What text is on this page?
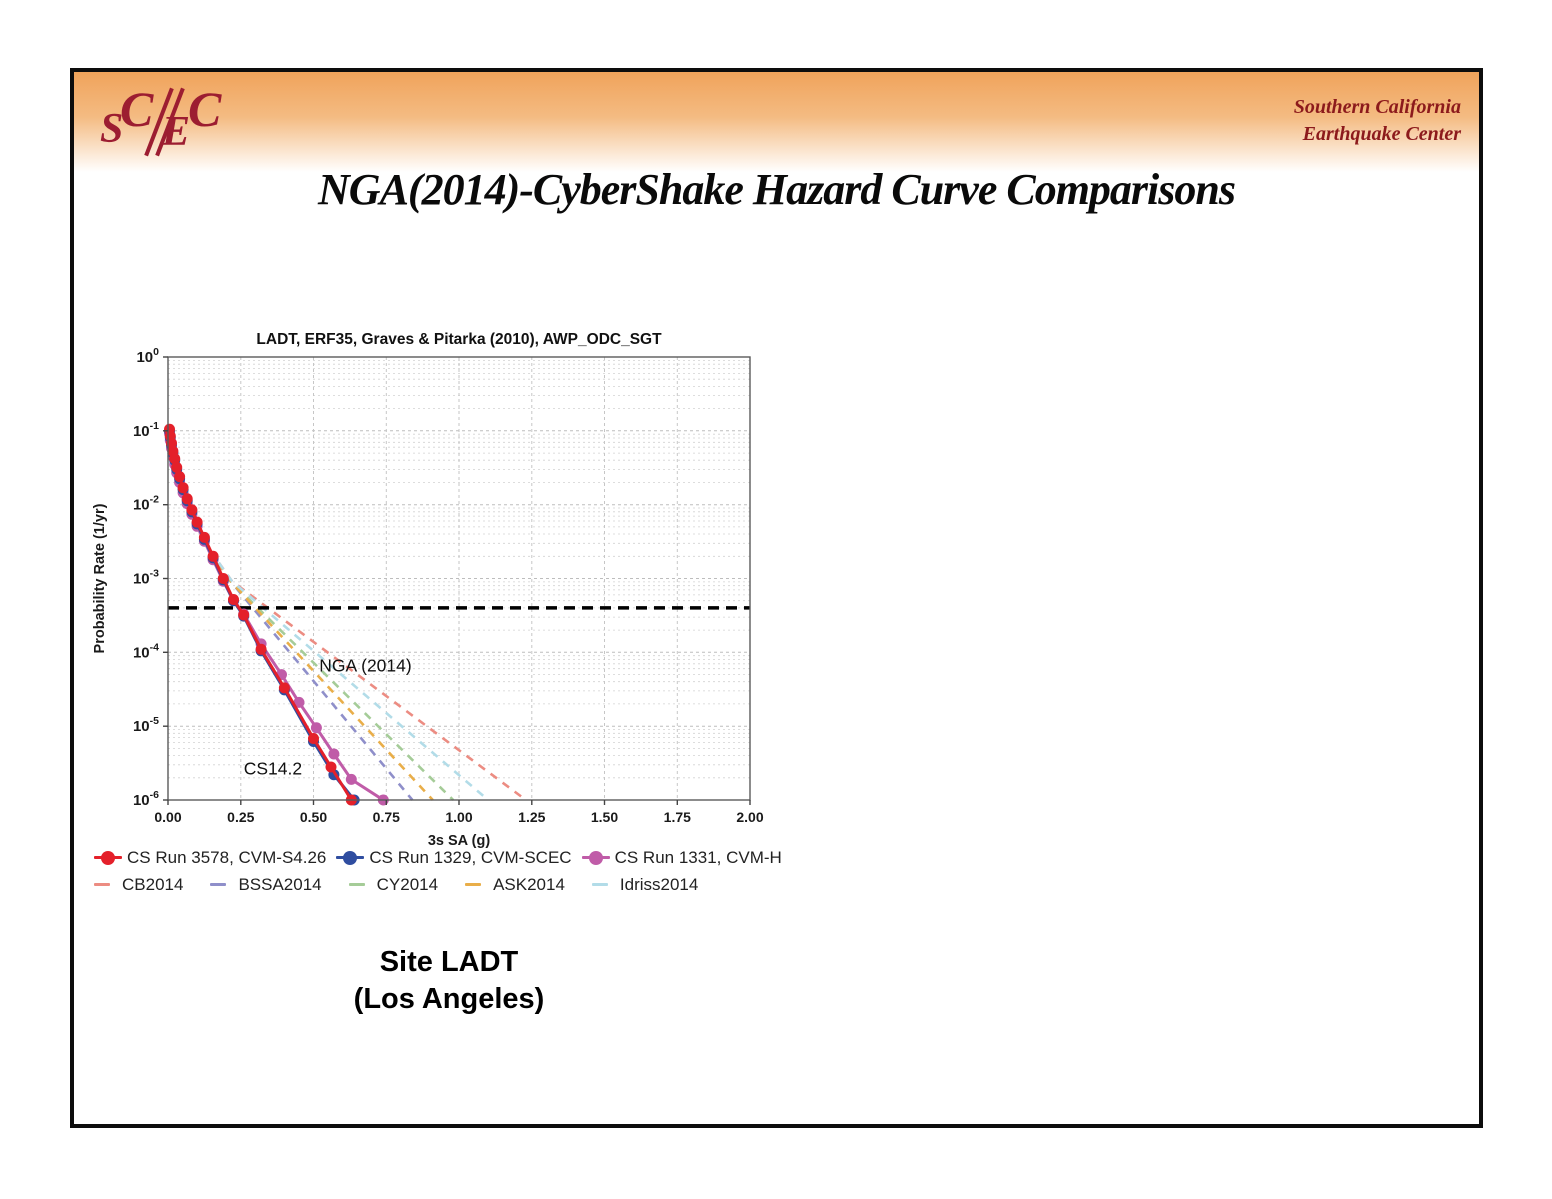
S
C E
C	Southern California
Earthquake Center
NGA(2014)-CyberShake Hazard Curve Comparisons
NGA (2014)
CS14.2
0.00	0.25	0.50	0.75	1.00	1.25	1.50	1.75	2.00
$10^0$
$10^{-1}$
$10^{-2}$
$10^{-3}$
$10^{-4}$
$10^{-5}$
$10^{-6}$
LADT, ERF35, Graves & Pitarka (2010), AWP_ODC_SGT
3s SA (g)
Probability Rate (1/yr)
CS Run 3578, CVM-S4.26	CS Run 1329, CVM-SCEC	CS Run 1331, CVM-H
CB2014	BSSA2014	CY2014	ASK2014	Idriss2014
Site LADT
(Los Angeles)
